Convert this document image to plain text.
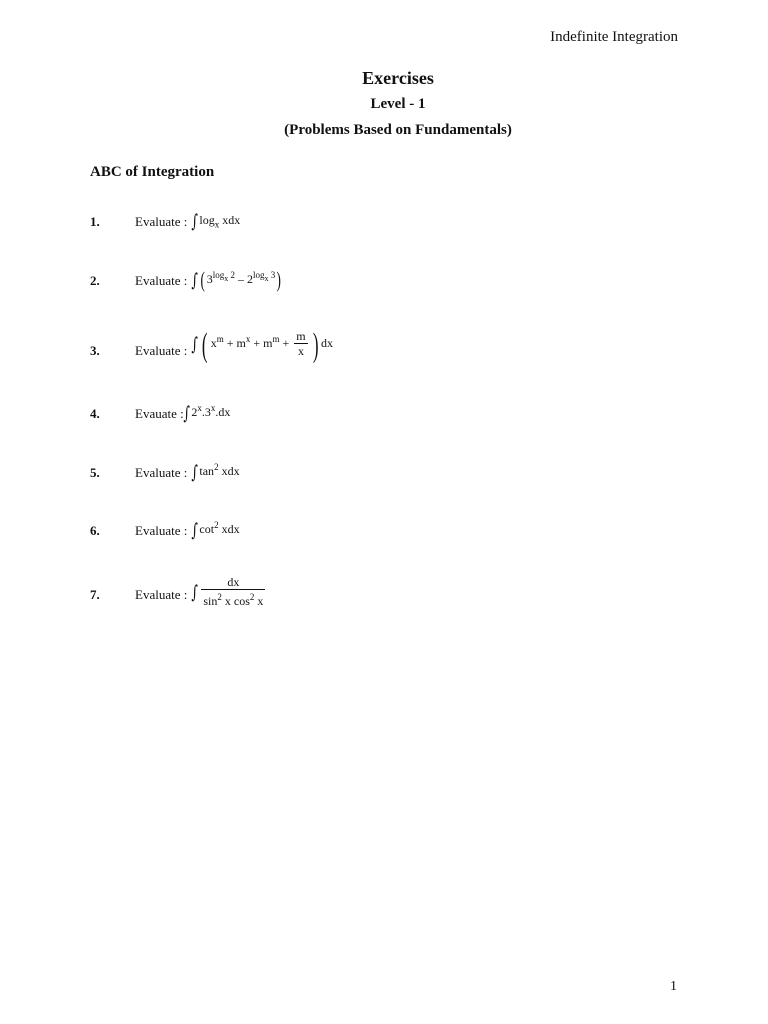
Indefinite Integration
Exercises
Level - 1
(Problems Based on Fundamentals)
ABC of Integration
1.	Evaluate : $\int\log_x$ xdx
2.	Evaluate : ∫ $(3^{log_x 2} - 2^{log_x 3})$
3.	Evaluate : ∫ ( $x^m + m^x + m^m + \frac{m}{x}$ ) dx
4.	Evauate : ∫2$^x$.3$^x$.dx
5.	Evaluate : $\int\tan^2$ xdx
6.	Evaluate : $\int\cot^2$ xdx
7.	Evaluate : ∫ $\frac{dx}{\sin^2 x \cos^2 x}$
1
